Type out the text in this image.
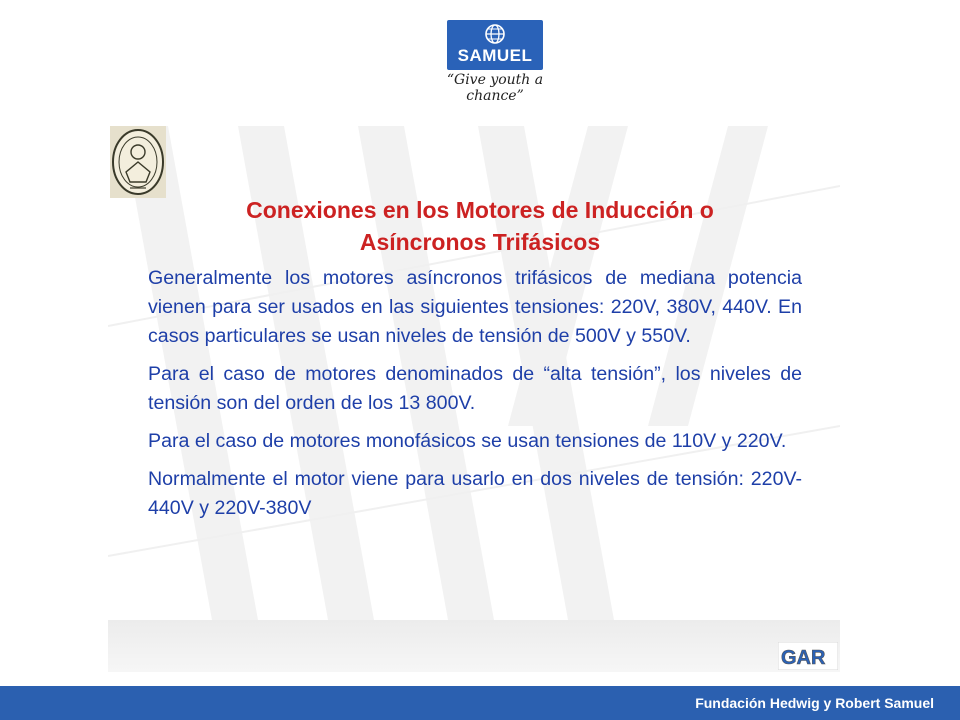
SAMUEL
“Give youth a chance”
Conexiones en los Motores de Inducción o
Asíncronos Trifásicos

Generalmente los motores asíncronos trifásicos de mediana potencia vienen para ser usados en las siguientes tensiones: 220V, 380V, 440V. En casos particulares se usan niveles de tensión de 500V y 550V.

Para el caso de motores denominados de “alta tensión”, los niveles de tensión son del orden de los 13 800V.

Para el caso de motores monofásicos se usan tensiones de 110V y 220V.

Normalmente el motor viene para usarlo en dos niveles de tensión: 220V-440V y 220V-380V

GAR
Fundación Hedwig y Robert Samuel
